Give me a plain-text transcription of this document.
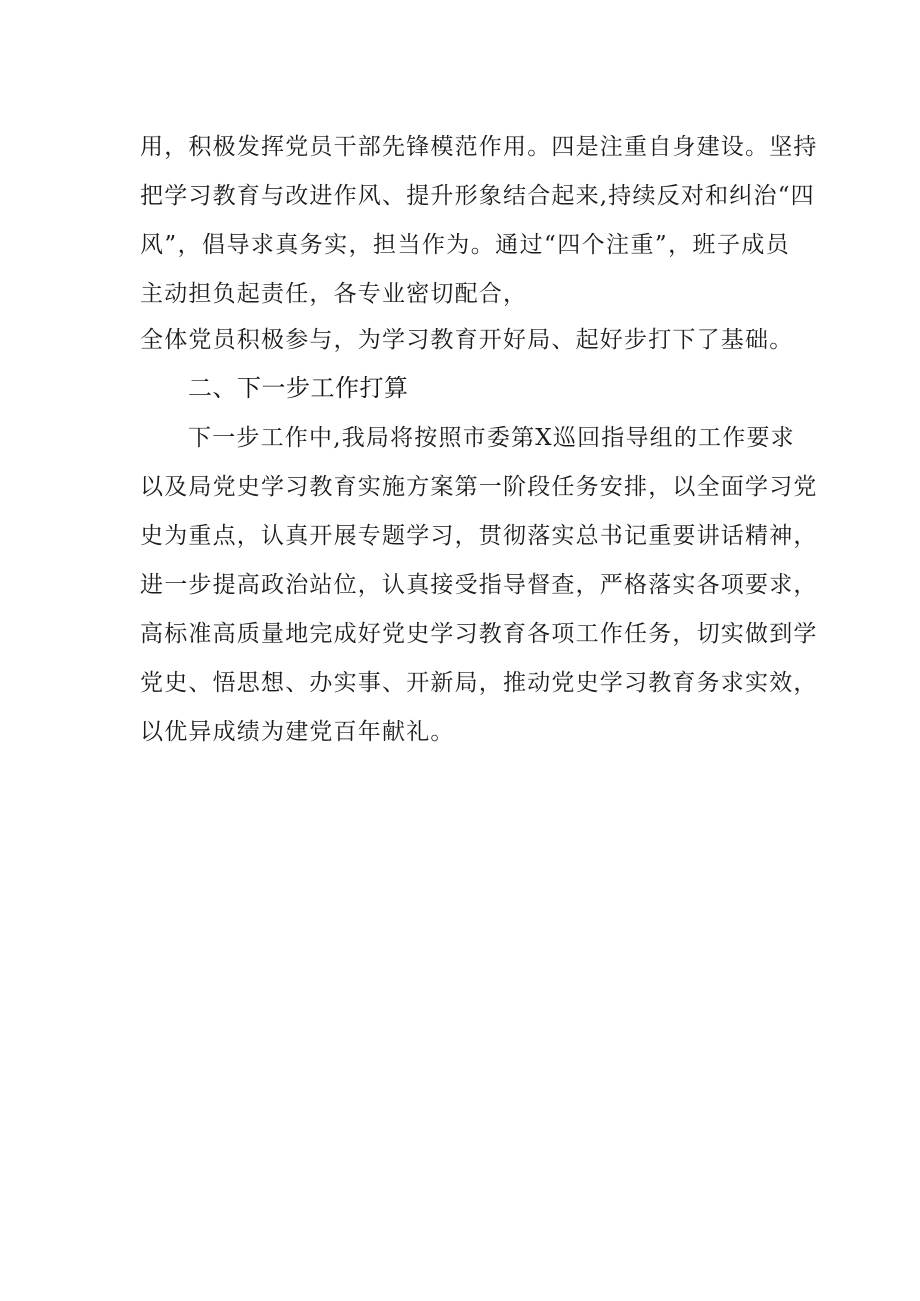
用，积极发挥党员干部先锋模范作用。四是注重自身建设。坚持
把学习教育与改进作风、提升形象结合起来,持续反对和纠治“四
风”，倡导求真务实，担当作为。通过“四个注重”，班子成员
主动担负起责任，各专业密切配合，
全体党员积极参与，为学习教育开好局、起好步打下了基础。
二、下一步工作打算
下一步工作中,我局将按照市委第X巡回指导组的工作要求
以及局党史学习教育实施方案第一阶段任务安排，以全面学习党
史为重点，认真开展专题学习，贯彻落实总书记重要讲话精神，
进一步提高政治站位，认真接受指导督查，严格落实各项要求，
高标准高质量地完成好党史学习教育各项工作任务，切实做到学
党史、悟思想、办实事、开新局，推动党史学习教育务求实效，
以优异成绩为建党百年献礼。
